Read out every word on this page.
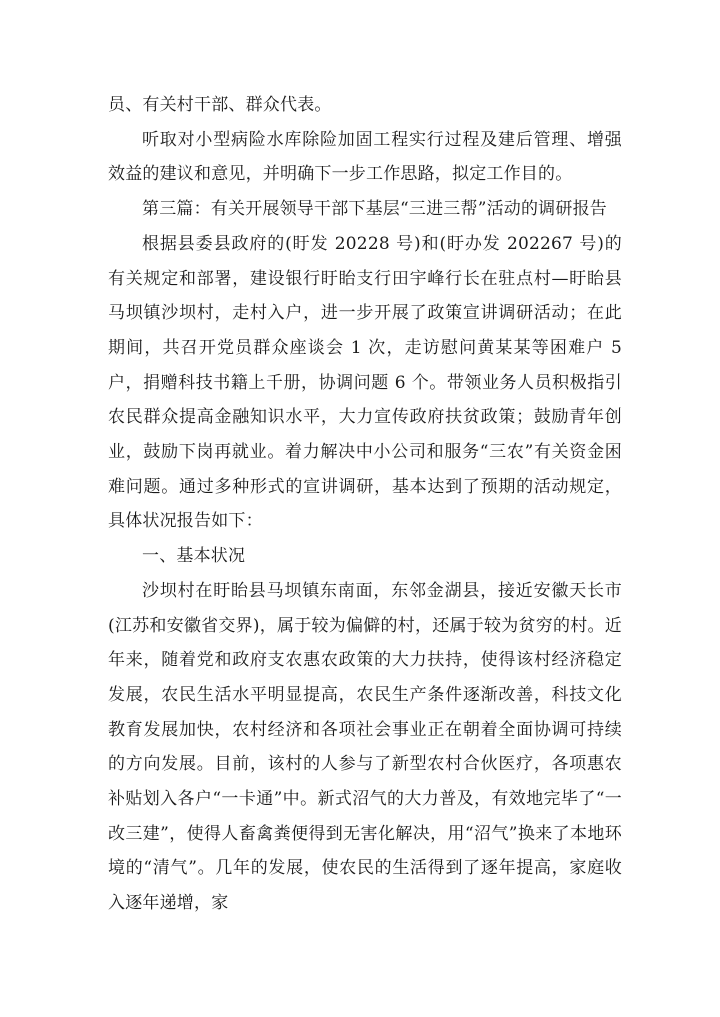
员、有关村干部、群众代表。

听取对小型病险水库除险加固工程实行过程及建后管理、增强效益的建议和意见，并明确下一步工作思路，拟定工作目的。

第三篇：有关开展领导干部下基层“三进三帮”活动的调研报告

根据县委县政府的(盱发 20228 号)和(盱办发 202267 号)的有关规定和部署，建设银行盱眙支行田宇峰行长在驻点村—盱眙县马坝镇沙坝村，走村入户，进一步开展了政策宣讲调研活动；在此期间，共召开党员群众座谈会 1 次，走访慰问黄某某等困难户 5 户，捐赠科技书籍上千册，协调问题 6 个。带领业务人员积极指引农民群众提高金融知识水平，大力宣传政府扶贫政策；鼓励青年创业，鼓励下岗再就业。着力解决中小公司和服务“三农”有关资金困难问题。通过多种形式的宣讲调研，基本达到了预期的活动规定，具体状况报告如下：

一、基本状况

沙坝村在盱眙县马坝镇东南面，东邻金湖县，接近安徽天长市(江苏和安徽省交界)，属于较为偏僻的村，还属于较为贫穷的村。近年来，随着党和政府支农惠农政策的大力扶持，使得该村经济稳定发展，农民生活水平明显提高，农民生产条件逐渐改善，科技文化教育发展加快，农村经济和各项社会事业正在朝着全面协调可持续的方向发展。目前，该村的人参与了新型农村合伙医疗，各项惠农补贴划入各户“一卡通”中。新式沼气的大力普及，有效地完毕了“一改三建”，使得人畜禽粪便得到无害化解决，用“沼气”换来了本地环境的“清气”。几年的发展，使农民的生活得到了逐年提高，家庭收入逐年递增，家
